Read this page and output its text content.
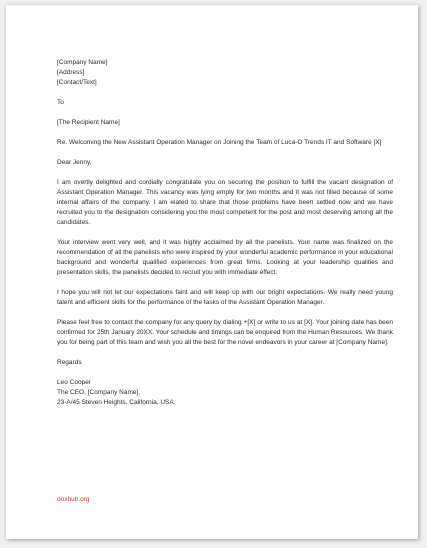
[Company Name]
[Address]
[Contact/Text]
To
[The Recipient Name]

Re. Welcoming the New Assistant Operation Manager on Joining the Team of Luca-O Trends IT and Software [X]

Dear Jenny,

I am overtly delighted and cordially congratulate you on securing the position to fulfill the vacant designation of Assistant Operation Manager. This vacancy was lying empty for two months and it was not filled because of some internal affairs of the company. I am elated to share that those problems have been settled now and we have recruited you to the designation considering you the most competent for the post and most deserving among all the candidates.

Your interview went very well, and it was highly acclaimed by all the panelists. Your name was finalized on the recommendation of all the panelists who were inspired by your wonderful academic performance in your educational background and wonderful qualified experiences from great firms. Looking at your leadership qualities and presentation skills, the panelists decided to recruit you with immediate effect.

I hope you will not let our expectations faint and will keep up with our bright expectations. We really need young talent and efficient skills for the performance of the tasks of the Assistant Operation Manager.

Please feel free to contact the company for any query by dialing +[X] or write to us at [X]. Your joining date has been confirmed for 25th January 20XX. Your schedule and timings can be enquired from the Human Resources. We thank you for being part of this team and wish you all the best for the novel endeavors in your career at [Company Name].

Regards

Leo Cooper
The CEO, [Company Name],
23-A/45 Steven Heights, California, USA.
doxhub.org
